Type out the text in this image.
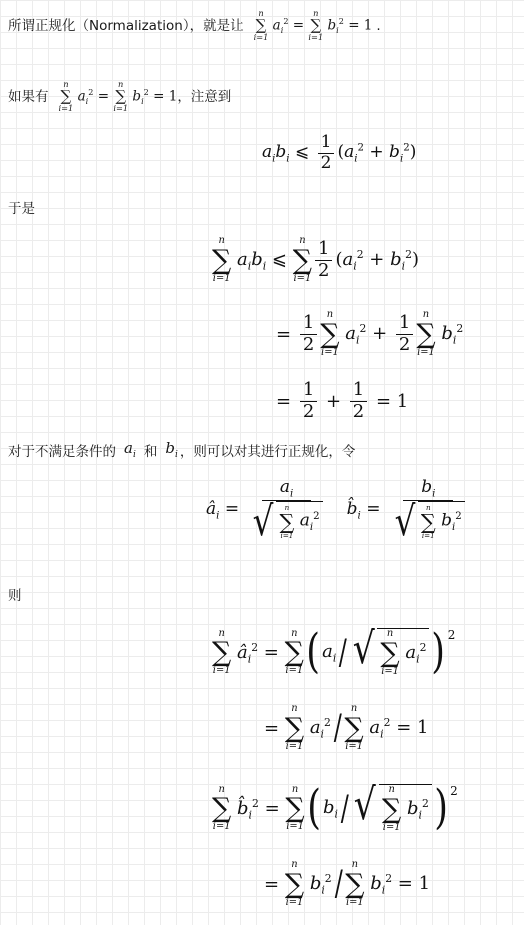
所谓正规化（Normalization），就是让
n
∑
i=1
$a_i^2$ =
n
∑
i=1
$b_i^2 = 1$ .
如果有
n
∑
i=1
$a_i^2$ =
n
∑
i=1
$b_i^2 = 1$ ，注意到
$a_ib_i$ ⩽ $\frac{1}{2} (a_i^2 + b_i^2)$
于是
n
∑
i=1
$a_ib_i$ ⩽
n
∑
$i=1 \frac{1}{2} (a_i^2 + b_i^2)$
= $\frac{1}{2}$ n
∑
i=1
$a_i^2 + \frac{1}{2}$ n
∑
i=1
$b_i^2$
= $\frac{1}{2} + \frac{1}{2} = 1$
对于不满足条件的 $a_i$ 和 $b_i$ ，则可以对其进行正规化，令
$â_i = a_i$
√	n
∑
i=1
$a_i^2$ $b̂_i = b_i$
√	n
∑
i=1
$b_i^2$
则
n
∑
i=1
$â_i^2$ =
n
∑
i=1 ( $a_i$ / √	n
∑
i=1
$a_i^2$ )$^2$
=
n
∑
i=1
$a_i^2$ / n
∑
i=1
$a_i^2 = 1$
n
∑
i=1
$b̂_i^2$ =
n
∑
i=1 ( $b_i$ / √	n
∑
i=1
$b_i^2$ )$^2$
=
n
∑
i=1
$b_i^2$ / n
∑
i=1
$b_i^2 = 1$
